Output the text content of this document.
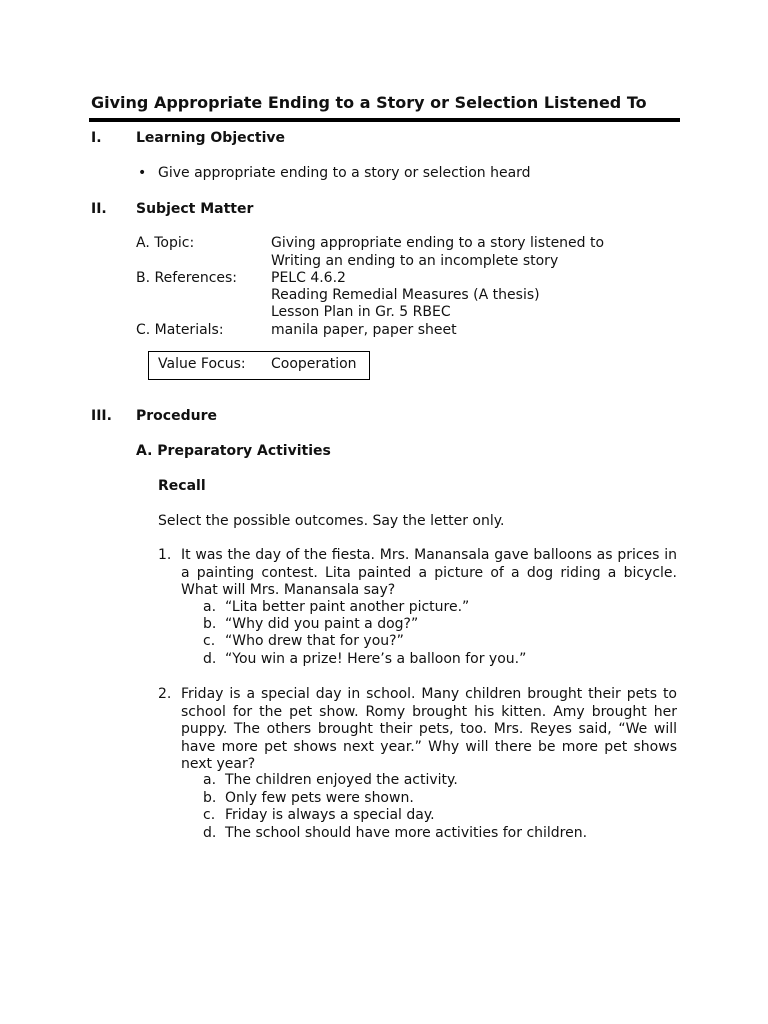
Giving Appropriate Ending to a Story or Selection Listened To
I. Learning Objective
• Give appropriate ending to a story or selection heard
II. Subject Matter
A. Topic:	Giving appropriate ending to a story listened to
Writing an ending to an incomplete story
B. References: PELC 4.6.2
Reading Remedial Measures (A thesis)
Lesson Plan in Gr. 5 RBEC
C. Materials:	manila paper, paper sheet
Value Focus: Cooperation
III. Procedure
A. Preparatory Activities
Recall
Select the possible outcomes. Say the letter only.
1. It was the day of the fiesta. Mrs. Manansala gave balloons as prices in a painting contest. Lita painted a picture of a dog riding a bicycle. What will Mrs. Manansala say?
a. “Lita better paint another picture.”
b. “Why did you paint a dog?”
c. “Who drew that for you?”
d. “You win a prize! Here’s a balloon for you.”
2. Friday is a special day in school. Many children brought their pets to school for the pet show. Romy brought his kitten. Amy brought her puppy. The others brought their pets, too. Mrs. Reyes said, “We will have more pet shows next year.” Why will there be more pet shows next year?
a. The children enjoyed the activity.
b. Only few pets were shown.
c. Friday is always a special day.
d. The school should have more activities for children.
